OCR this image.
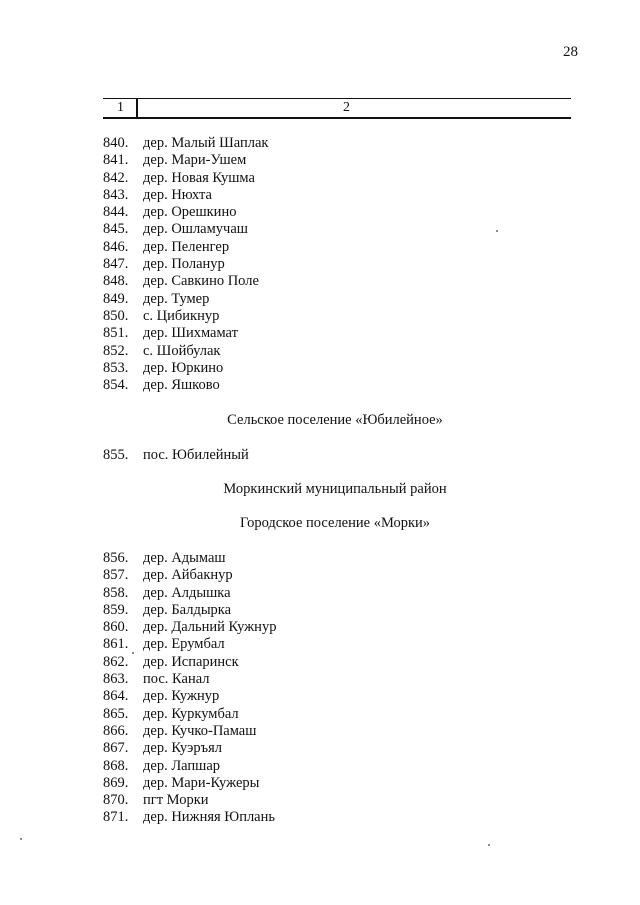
28
1	2
840.	дер. Малый Шаплак
841.	дер. Мари-Ушем
842.	дер. Новая Кушма
843.	дер. Нюхта
844.	дер. Орешкино
845.	дер. Ошламучаш
846.	дер. Пеленгер
847.	дер. Поланур
848.	дер. Савкино Поле
849.	дер. Тумер
850.	с. Цибикнур
851.	дер. Шихмамат
852.	с. Шойбулак
853.	дер. Юркино
854.	дер. Яшково
Сельское поселение «Юбилейное»
855.	пос. Юбилейный
Моркинский муниципальный район
Городское поселение «Морки»
856.	дер. Адымаш
857.	дер. Айбакнур
858.	дер. Алдышка
859.	дер. Балдырка
860.	дер. Дальний Кужнур
861.	дер. Ерумбал
862.	дер. Испаринск
863.	пос. Канал
864.	дер. Кужнур
865.	дер. Куркумбал
866.	дер. Кучко-Памаш
867.	дер. Куэръял
868.	дер. Лапшар
869.	дер. Мари-Кужеры
870.	пгт Морки
871.	дер. Нижняя Юплань
